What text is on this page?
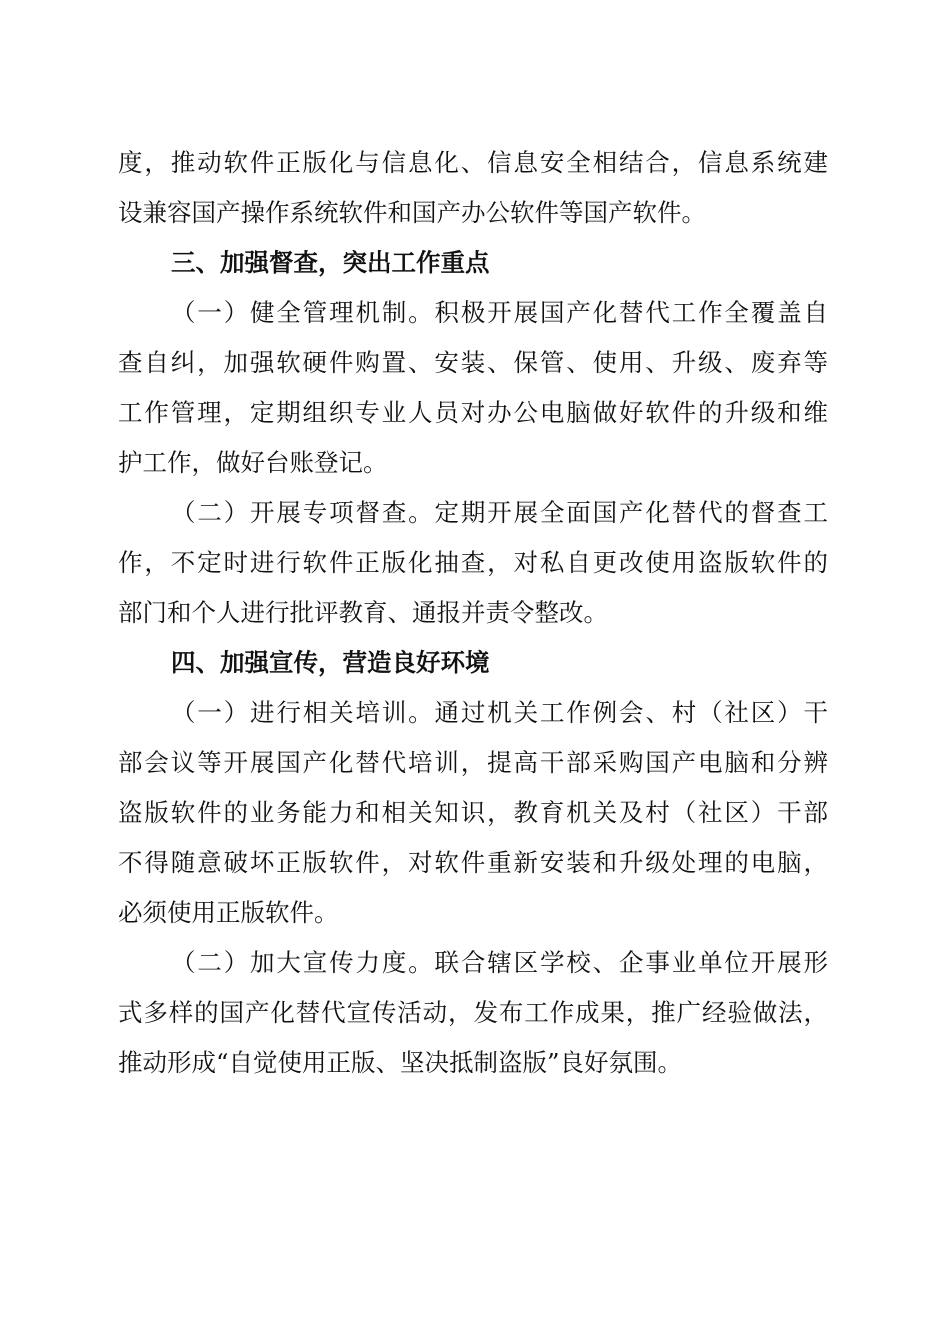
度，推动软件正版化与信息化、信息安全相结合，信息系统建
设兼容国产操作系统软件和国产办公软件等国产软件。
三、加强督查，突出工作重点
（一）健全管理机制。积极开展国产化替代工作全覆盖自
查自纠，加强软硬件购置、安装、保管、使用、升级、废弃等
工作管理，定期组织专业人员对办公电脑做好软件的升级和维
护工作，做好台账登记。
（二）开展专项督查。定期开展全面国产化替代的督查工
作，不定时进行软件正版化抽查，对私自更改使用盗版软件的
部门和个人进行批评教育、通报并责令整改。
四、加强宣传，营造良好环境
（一）进行相关培训。通过机关工作例会、村（社区）干
部会议等开展国产化替代培训，提高干部采购国产电脑和分辨
盗版软件的业务能力和相关知识，教育机关及村（社区）干部
不得随意破坏正版软件，对软件重新安装和升级处理的电脑，
必须使用正版软件。
（二）加大宣传力度。联合辖区学校、企事业单位开展形
式多样的国产化替代宣传活动，发布工作成果，推广经验做法，
推动形成“自觉使用正版、坚决抵制盗版”良好氛围。
